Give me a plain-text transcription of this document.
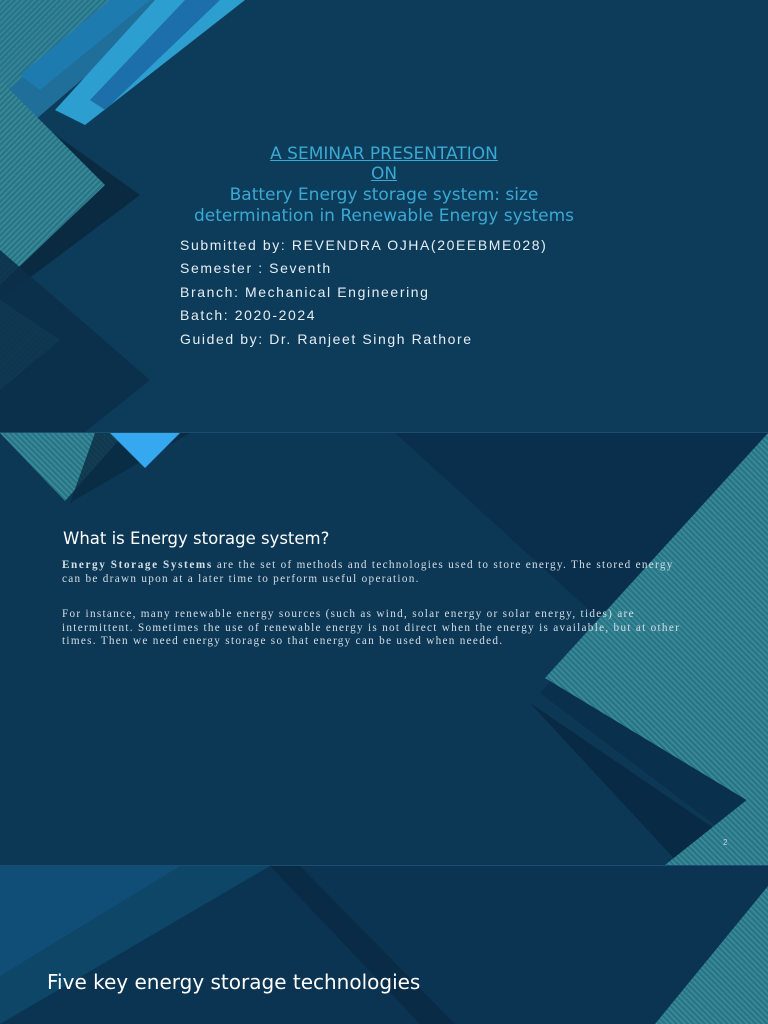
A SEMINAR PRESENTATION
ON
Battery Energy storage system: size
determination in Renewable Energy systems
Submitted by: REVENDRA OJHA(20EEBME028)
Semester : Seventh
Branch: Mechanical Engineering
Batch: 2020-2024
Guided by: Dr. Ranjeet Singh Rathore
What is Energy storage system?

Energy Storage Systems are the set of methods and technologies used to store energy. The stored energy can be drawn upon at a later time to perform useful operation.

For instance, many renewable energy sources (such as wind, solar energy or solar energy, tides) are intermittent. Sometimes the use of renewable energy is not direct when the energy is available, but at other times. Then we need energy storage so that energy can be used when needed.

2
Five key energy storage technologies
